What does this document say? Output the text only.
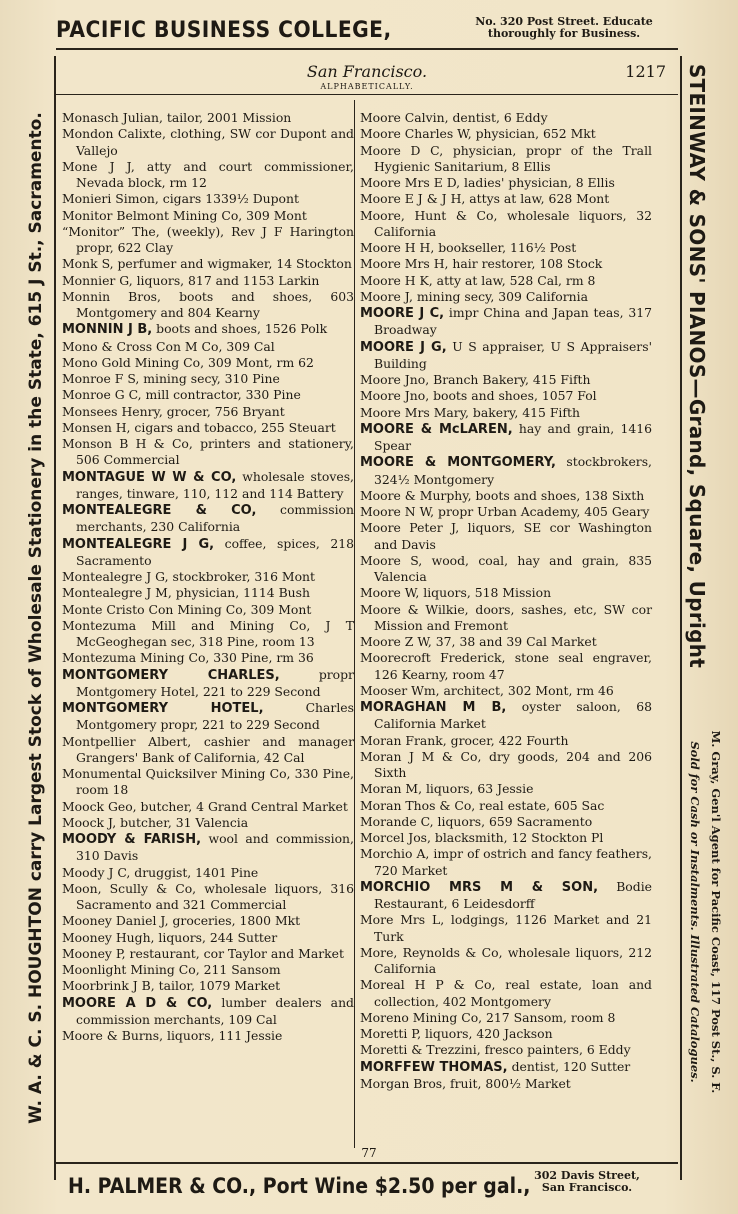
PACIFIC BUSINESS COLLEGE,	No. 320 Post Street. Educate
thoroughly for Business.
San Francisco.	1217
ALPHABETICALLY.
W. A. & C. S. HOUGHTON carry Largest Stock of Wholesale Stationery in the State, 615 J St., Sacramento.	STEINWAY & SONS' PIANOS—Grand, Square, Upright
Sold for Cash or Instalments. Illustrated Catalogues. M. Gray, Gen'l Agent for Pacific Coast, 117 Post St., S. F.

Monasch Julian, tailor, 2001 Mission

Mondon Calixte, clothing, SW cor Dupont and Vallejo

Mone J J, atty and court commissioner, Nevada block, rm 12

Monieri Simon, cigars 1339½ Dupont

Monitor Belmont Mining Co, 309 Mont

“Monitor” The, (weekly), Rev J F Harington propr, 622 Clay

Monk S, perfumer and wigmaker, 14 Stockton

Monnier G, liquors, 817 and 1153 Larkin

Monnin Bros, boots and shoes, 603 Montgomery and 804 Kearny

MONNIN J B, boots and shoes, 1526 Polk

Mono & Cross Con M Co, 309 Cal

Mono Gold Mining Co, 309 Mont, rm 62

Monroe F S, mining secy, 310 Pine

Monroe G C, mill contractor, 330 Pine

Monsees Henry, grocer, 756 Bryant

Monsen H, cigars and tobacco, 255 Steuart

Monson B H & Co, printers and stationery, 506 Commercial

MONTAGUE W W & CO, wholesale stoves, ranges, tinware, 110, 112 and 114 Battery

MONTEALEGRE & CO, commission merchants, 230 California

MONTEALEGRE J G, coffee, spices, 218 Sacramento

Montealegre J G, stockbroker, 316 Mont

Montealegre J M, physician, 1114 Bush

Monte Cristo Con Mining Co, 309 Mont

Montezuma Mill and Mining Co, J T McGeoghegan sec, 318 Pine, room 13

Montezuma Mining Co, 330 Pine, rm 36

MONTGOMERY CHARLES,	propr Montgomery Hotel, 221 to 229 Second

MONTGOMERY HOTEL,	Charles Montgomery propr, 221 to 229 Second

Montpellier Albert, cashier and manager Grangers' Bank of California, 42 Cal

Monumental Quicksilver Mining Co, 330 Pine, room 18

Moock Geo, butcher, 4 Grand Central Market

Moock J, butcher, 31 Valencia

MOODY & FARISH, wool and commission, 310 Davis

Moody J C, druggist, 1401 Pine

Moon, Scully & Co, wholesale liquors, 316 Sacramento and 321 Commercial

Mooney Daniel J, groceries, 1800 Mkt

Mooney Hugh, liquors, 244 Sutter

Mooney P, restaurant, cor Taylor and Market

Moonlight Mining Co, 211 Sansom

Moorbrink J B, tailor, 1079 Market

MOORE A D & CO, lumber dealers and commission merchants, 109 Cal

Moore & Burns, liquors, 111 Jessie

Moore Calvin, dentist, 6 Eddy

Moore Charles W, physician, 652 Mkt

Moore D C, physician, propr of the Trall Hygienic Sanitarium, 8 Ellis

Moore Mrs E D, ladies' physician, 8 Ellis

Moore E J & J H, attys at law, 628 Mont

Moore, Hunt & Co, wholesale liquors, 32 California

Moore H H, bookseller, 116½ Post

Moore Mrs H, hair restorer, 108 Stock

Moore H K, atty at law, 528 Cal, rm 8

Moore J, mining secy, 309 California

MOORE J C, impr China and Japan teas, 317 Broadway

MOORE J G, U S appraiser, U S Appraisers' Building

Moore Jno, Branch Bakery, 415 Fifth

Moore Jno, boots and shoes, 1057 Fol

Moore Mrs Mary, bakery, 415 Fifth

MOORE & McLAREN, hay and grain, 1416 Spear

MOORE & MONTGOMERY, stockbrokers, 324½ Montgomery

Moore & Murphy, boots and shoes, 138 Sixth

Moore N W, propr Urban Academy, 405 Geary

Moore Peter J, liquors, SE cor Washington and Davis

Moore S, wood, coal, hay and grain, 835 Valencia

Moore W, liquors, 518 Mission

Moore & Wilkie, doors, sashes, etc, SW cor Mission and Fremont

Moore Z W, 37, 38 and 39 Cal Market

Moorecroft Frederick, stone seal engraver, 126 Kearny, room 47

Mooser Wm, architect, 302 Mont, rm 46

MORAGHAN M B, oyster saloon, 68 California Market

Moran Frank, grocer, 422 Fourth

Moran J M & Co, dry goods, 204 and 206 Sixth

Moran M, liquors, 63 Jessie

Moran Thos & Co, real estate, 605 Sac

Morande C, liquors, 659 Sacramento

Morcel Jos, blacksmith, 12 Stockton Pl

Morchio A, impr of ostrich and fancy feathers, 720 Market

MORCHIO MRS M & SON, Bodie Restaurant, 6 Leidesdorff

More Mrs L, lodgings, 1126 Market and 21 Turk

More, Reynolds & Co, wholesale liquors, 212 California

Moreal H P & Co, real estate, loan and collection, 402 Montgomery

Moreno Mining Co, 217 Sansom, room 8

Moretti P, liquors, 420 Jackson

Moretti & Trezzini, fresco painters, 6 Eddy

MORFFEW THOMAS, dentist, 120 Sutter

Morgan Bros, fruit, 800½ Market

77
H. PALMER & CO., Port Wine $2.50 per gal., 302 Davis Street,
San Francisco.
